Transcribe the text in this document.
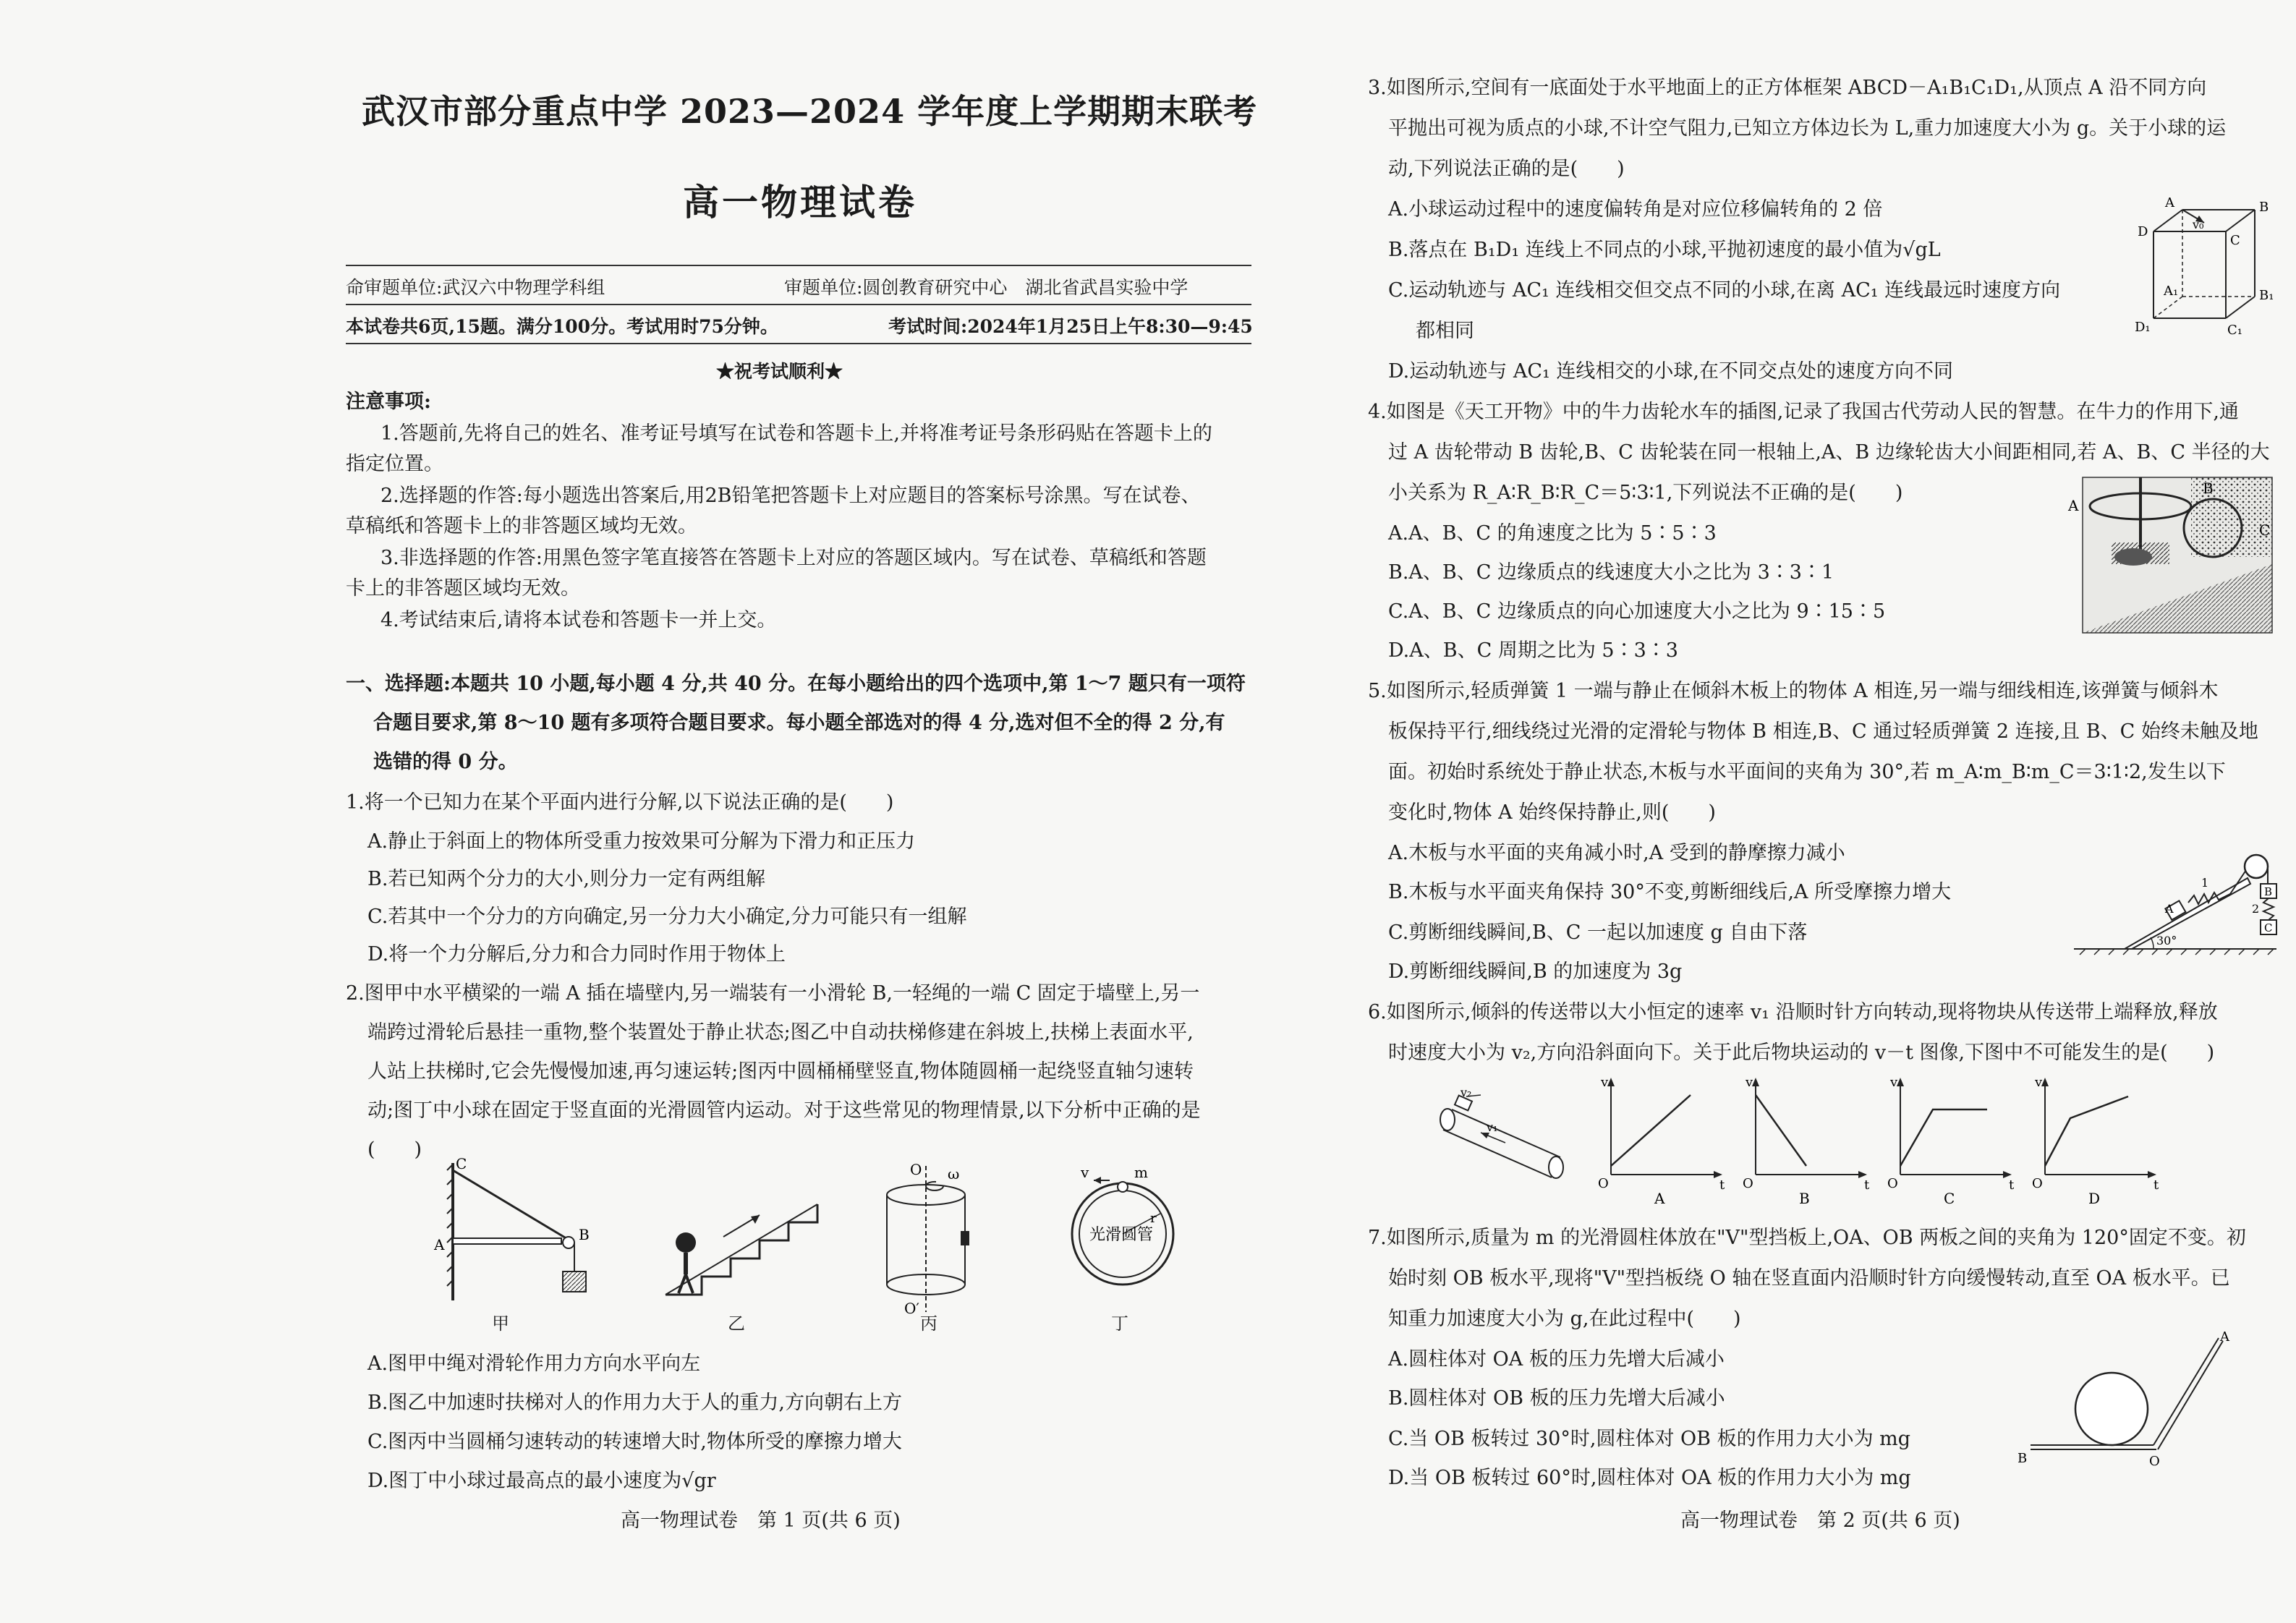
武汉市部分重点中学 2023—2024 学年度上学期期末联考
高一物理试卷
命审题单位:武汉六中物理学科组	审题单位:圆创教育研究中心　湖北省武昌实验中学
本试卷共6页,15题。满分100分。考试用时75分钟。	考试时间:2024年1月25日上午8:30—9:45
★祝考试顺利★
注意事项:
1.答题前,先将自己的姓名、准考证号填写在试卷和答题卡上,并将准考证号条形码贴在答题卡上的
指定位置。
2.选择题的作答:每小题选出答案后,用2B铅笔把答题卡上对应题目的答案标号涂黑。写在试卷、
草稿纸和答题卡上的非答题区域均无效。
3.非选择题的作答:用黑色签字笔直接答在答题卡上对应的答题区域内。写在试卷、草稿纸和答题
卡上的非答题区域均无效。
4.考试结束后,请将本试卷和答题卡一并上交。
一、选择题:本题共 10 小题,每小题 4 分,共 40 分。在每小题给出的四个选项中,第 1～7 题只有一项符
合题目要求,第 8～10 题有多项符合题目要求。每小题全部选对的得 4 分,选对但不全的得 2 分,有
选错的得 0 分。
1.将一个已知力在某个平面内进行分解,以下说法正确的是(　　)
A.静止于斜面上的物体所受重力按效果可分解为下滑力和正压力
B.若已知两个分力的大小,则分力一定有两组解
C.若其中一个分力的方向确定,另一分力大小确定,分力可能只有一组解
D.将一个力分解后,分力和合力同时作用于物体上
2.图甲中水平横梁的一端 A 插在墙壁内,另一端装有一小滑轮 B,一轻绳的一端 C 固定于墙壁上,另一
端跨过滑轮后悬挂一重物,整个装置处于静止状态;图乙中自动扶梯修建在斜坡上,扶梯上表面水平,
人站上扶梯时,它会先慢慢加速,再匀速运转;图丙中圆桶桶壁竖直,物体随圆桶一起绕竖直轴匀速转
动;图丁中小球在固定于竖直面的光滑圆管内运动。对于这些常见的物理情景,以下分析中正确的是
(　　)
C
A
B
O ω
O′
v	m
r
光滑圆管
甲	乙	丙	丁
A.图甲中绳对滑轮作用力方向水平向左
B.图乙中加速时扶梯对人的作用力大于人的重力,方向朝右上方
C.图丙中当圆桶匀速转动的转速增大时,物体所受的摩擦力增大
D.图丁中小球过最高点的最小速度为√gr
高一物理试卷　第 1 页(共 6 页)
3.如图所示,空间有一底面处于水平地面上的正方体框架 ABCD－A₁B₁C₁D₁,从顶点 A 沿不同方向
平抛出可视为质点的小球,不计空气阻力,已知立方体边长为 L,重力加速度大小为 g。关于小球的运
动,下列说法正确的是(　　)
A.小球运动过程中的速度偏转角是对应位移偏转角的 2 倍
B.落点在 B₁D₁ 连线上不同点的小球,平抛初速度的最小值为√gL
C.运动轨迹与 AC₁ 连线相交但交点不同的小球,在离 AC₁ 连线最远时速度方向
都相同
D.运动轨迹与 AC₁ 连线相交的小球,在不同交点处的速度方向不同
A
v₀
B
D
C
A₁	B₁
D₁	C₁
4.如图是《天工开物》中的牛力齿轮水车的插图,记录了我国古代劳动人民的智慧。在牛力的作用下,通
过 A 齿轮带动 B 齿轮,B、C 齿轮装在同一根轴上,A、B 边缘轮齿大小间距相同,若 A、B、C 半径的大
小关系为 R_A∶R_B∶R_C＝5∶3∶1,下列说法不正确的是(　　)
A.A、B、C 的角速度之比为 5∶5∶3
B.A、B、C 边缘质点的线速度大小之比为 3∶3∶1
C.A、B、C 边缘质点的向心加速度大小之比为 9∶15∶5
D.A、B、C 周期之比为 5∶3∶3
A
B
C
5.如图所示,轻质弹簧 1 一端与静止在倾斜木板上的物体 A 相连,另一端与细线相连,该弹簧与倾斜木
板保持平行,细线绕过光滑的定滑轮与物体 B 相连,B、C 通过轻质弹簧 2 连接,且 B、C 始终未触及地
面。初始时系统处于静止状态,木板与水平面间的夹角为 30°,若 m_A∶m_B∶m_C＝3∶1∶2,发生以下
变化时,物体 A 始终保持静止,则(　　)
A.木板与水平面的夹角减小时,A 受到的静摩擦力减小
B.木板与水平面夹角保持 30°不变,剪断细线后,A 所受摩擦力增大
C.剪断细线瞬间,B、C 一起以加速度 g 自由下落
D.剪断细线瞬间,B 的加速度为 3g
A
1
B
2
C
30°
6.如图所示,倾斜的传送带以大小恒定的速率 v₁ 沿顺时针方向转动,现将物块从传送带上端释放,释放
时速度大小为 v₂,方向沿斜面向下。关于此后物块运动的 v－t 图像,下图中不可能发生的是(　　)
v₂
v₁
v
t
O
A
v
t
O
B
v
t
O
C
v
t
O
D
7.如图所示,质量为 m 的光滑圆柱体放在"V"型挡板上,OA、OB 两板之间的夹角为 120°固定不变。初
始时刻 OB 板水平,现将"V"型挡板绕 O 轴在竖直面内沿顺时针方向缓慢转动,直至 OA 板水平。已
知重力加速度大小为 g,在此过程中(　　)
A.圆柱体对 OA 板的压力先增大后减小
B.圆柱体对 OB 板的压力先增大后减小
C.当 OB 板转过 30°时,圆柱体对 OB 板的作用力大小为 mg
D.当 OB 板转过 60°时,圆柱体对 OA 板的作用力大小为 mg
B	O
A
高一物理试卷　第 2 页(共 6 页)
